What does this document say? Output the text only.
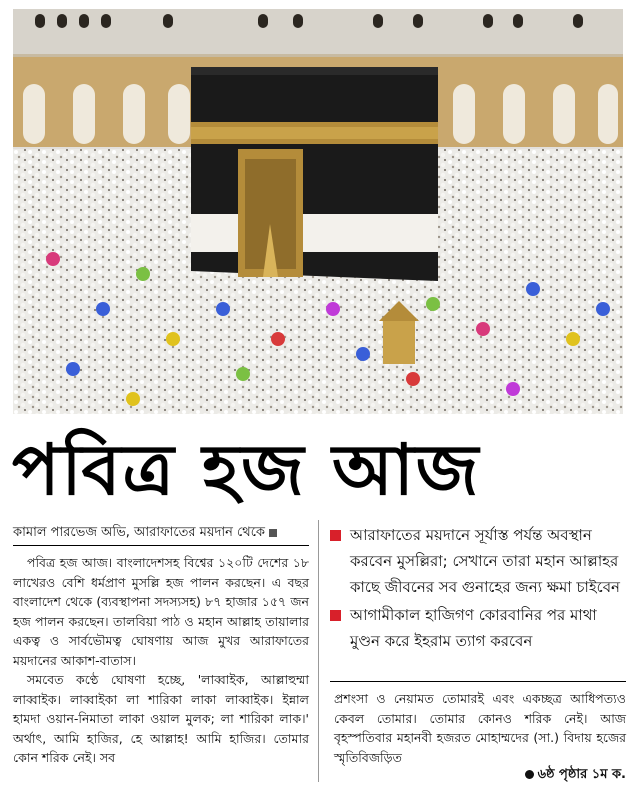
পবিত্র হজ আজ
কামাল পারভেজ অভি, আরাফাতের ময়দান থেকে

পবিত্র হজ আজ। বাংলাদেশসহ বিশ্বের ১২০টি দেশের ১৮ লাখেরও বেশি ধর্মপ্রাণ মুসল্লি হজ পালন করছেন। এ বছর বাংলাদেশ থেকে (ব্যবস্থাপনা সদস্যসহ) ৮৭ হাজার ১৫৭ জন হজ পালন করছেন। তালবিয়া পাঠ ও মহান আল্লাহ তায়ালার একত্ব ও সার্বভৌমত্ব ঘোষণায় আজ মুখর আরাফাতের ময়দানের আকাশ-বাতাস।

সমবেত কণ্ঠে ঘোষণা হচ্ছে, 'লাব্বাইক, আল্লাহুম্মা লাব্বাইক। লাব্বাইকা লা শারিকা লাকা লাব্বাইক। ইন্নাল হামদা ওয়ান-নিমাতা লাকা ওয়াল মুলক; লা শারিকা লাক।' অর্থাৎ, আমি হাজির, হে আল্লাহ! আমি হাজির। তোমার কোন শরিক নেই। সব

আরাফাতের ময়দানে সূর্যাস্ত পর্যন্ত অবস্থান করবেন মুসল্লিরা; সেখানে তারা মহান আল্লাহর কাছে জীবনের সব গুনাহের জন্য ক্ষমা চাইবেন
আগামীকাল হাজিগণ কোরবানির পর মাথা মুণ্ডন করে ইহরাম ত্যাগ করবেন

প্রশংসা ও নেয়ামত তোমারই এবং একচ্ছত্র আধিপত্যও কেবল তোমার। তোমার কোনও শরিক নেই। আজ বৃহস্পতিবার মহানবী হজরত মোহাম্মদের (সা.) বিদায় হজের স্মৃতিবিজড়িত

৬ষ্ঠ পৃষ্ঠার ১ম ক.
